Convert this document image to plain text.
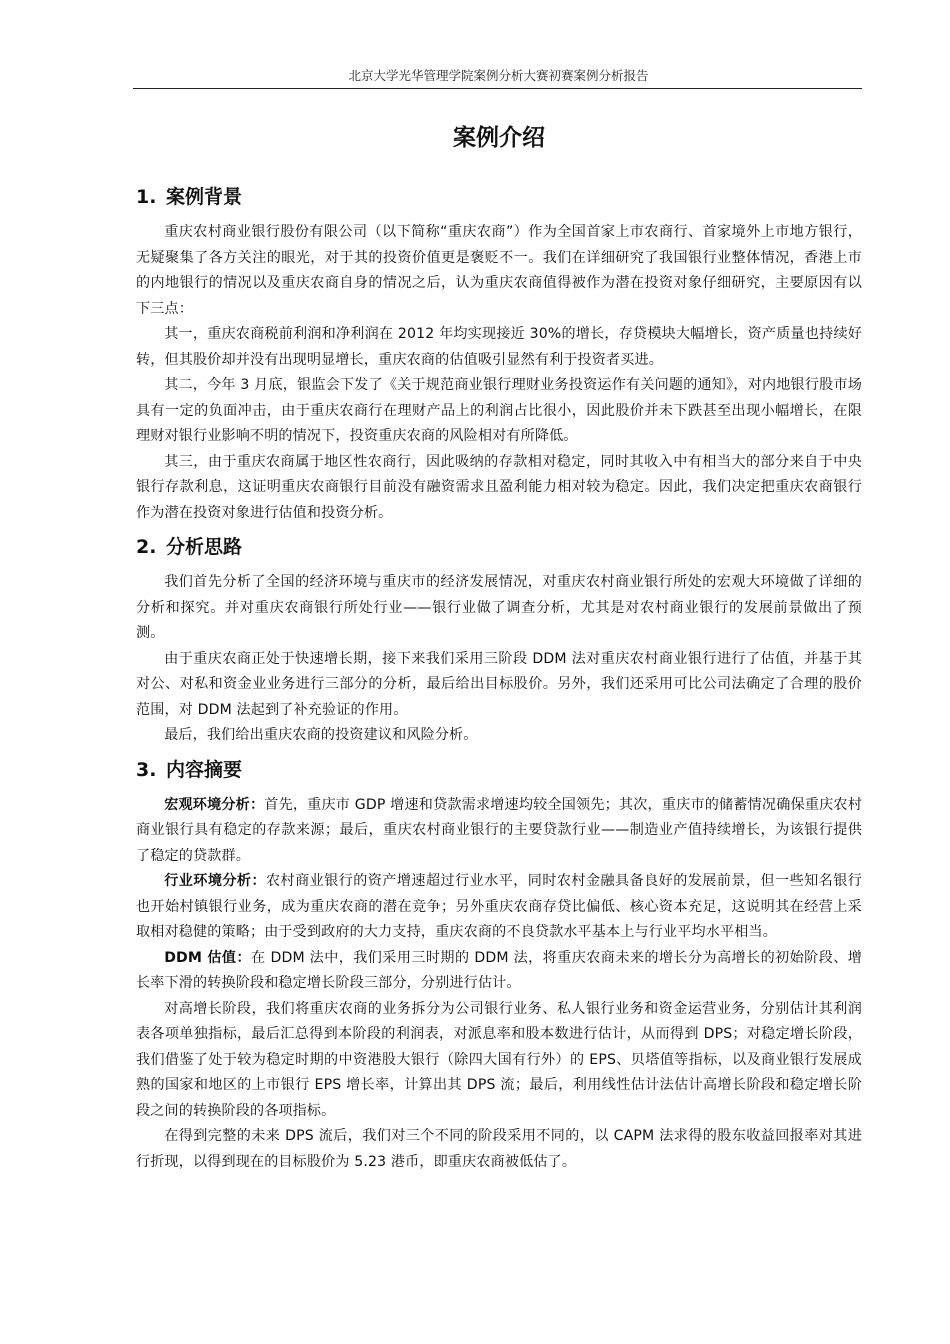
北京大学光华管理学院案例分析大赛初赛案例分析报告
案例介绍
1. 案例背景

重庆农村商业银行股份有限公司（以下简称“重庆农商”）作为全国首家上市农商行、首家境外上市地方银行，无疑聚集了各方关注的眼光，对于其的投资价值更是褒贬不一。我们在详细研究了我国银行业整体情况，香港上市的内地银行的情况以及重庆农商自身的情况之后，认为重庆农商值得被作为潜在投资对象仔细研究，主要原因有以下三点：

其一，重庆农商税前利润和净利润在 2012 年均实现接近 30%的增长，存贷模块大幅增长，资产质量也持续好转，但其股价却并没有出现明显增长，重庆农商的估值吸引显然有利于投资者买进。

其二，今年 3 月底，银监会下发了《关于规范商业银行理财业务投资运作有关问题的通知》，对内地银行股市场具有一定的负面冲击，由于重庆农商行在理财产品上的利润占比很小，因此股价并未下跌甚至出现小幅增长，在限理财对银行业影响不明的情况下，投资重庆农商的风险相对有所降低。

其三，由于重庆农商属于地区性农商行，因此吸纳的存款相对稳定，同时其收入中有相当大的部分来自于中央银行存款利息，这证明重庆农商银行目前没有融资需求且盈利能力相对较为稳定。因此，我们决定把重庆农商银行作为潜在投资对象进行估值和投资分析。

2. 分析思路

我们首先分析了全国的经济环境与重庆市的经济发展情况，对重庆农村商业银行所处的宏观大环境做了详细的分析和探究。并对重庆农商银行所处行业——银行业做了调查分析，尤其是对农村商业银行的发展前景做出了预测。

由于重庆农商正处于快速增长期，接下来我们采用三阶段 DDM 法对重庆农村商业银行进行了估值，并基于其对公、对私和资金业业务进行三部分的分析，最后给出目标股价。另外，我们还采用可比公司法确定了合理的股价范围，对 DDM 法起到了补充验证的作用。

最后，我们给出重庆农商的投资建议和风险分析。

3. 内容摘要

宏观环境分析：首先，重庆市 GDP 增速和贷款需求增速均较全国领先；其次，重庆市的储蓄情况确保重庆农村商业银行具有稳定的存款来源；最后，重庆农村商业银行的主要贷款行业——制造业产值持续增长，为该银行提供了稳定的贷款群。

行业环境分析：农村商业银行的资产增速超过行业水平，同时农村金融具备良好的发展前景，但一些知名银行也开始村镇银行业务，成为重庆农商的潜在竞争；另外重庆农商存贷比偏低、核心资本充足，这说明其在经营上采取相对稳健的策略；由于受到政府的大力支持，重庆农商的不良贷款水平基本上与行业平均水平相当。

DDM 估值：在 DDM 法中，我们采用三时期的 DDM 法，将重庆农商未来的增长分为高增长的初始阶段、增长率下滑的转换阶段和稳定增长阶段三部分，分别进行估计。

对高增长阶段，我们将重庆农商的业务拆分为公司银行业务、私人银行业务和资金运营业务，分别估计其利润表各项单独指标，最后汇总得到本阶段的利润表，对派息率和股本数进行估计，从而得到 DPS；对稳定增长阶段，我们借鉴了处于较为稳定时期的中资港股大银行（除四大国有行外）的 EPS、贝塔值等指标，以及商业银行发展成熟的国家和地区的上市银行 EPS 增长率，计算出其 DPS 流；最后，利用线性估计法估计高增长阶段和稳定增长阶段之间的转换阶段的各项指标。

在得到完整的未来 DPS 流后，我们对三个不同的阶段采用不同的，以 CAPM 法求得的股东收益回报率对其进行折现，以得到现在的目标股价为 5.23 港币，即重庆农商被低估了。
